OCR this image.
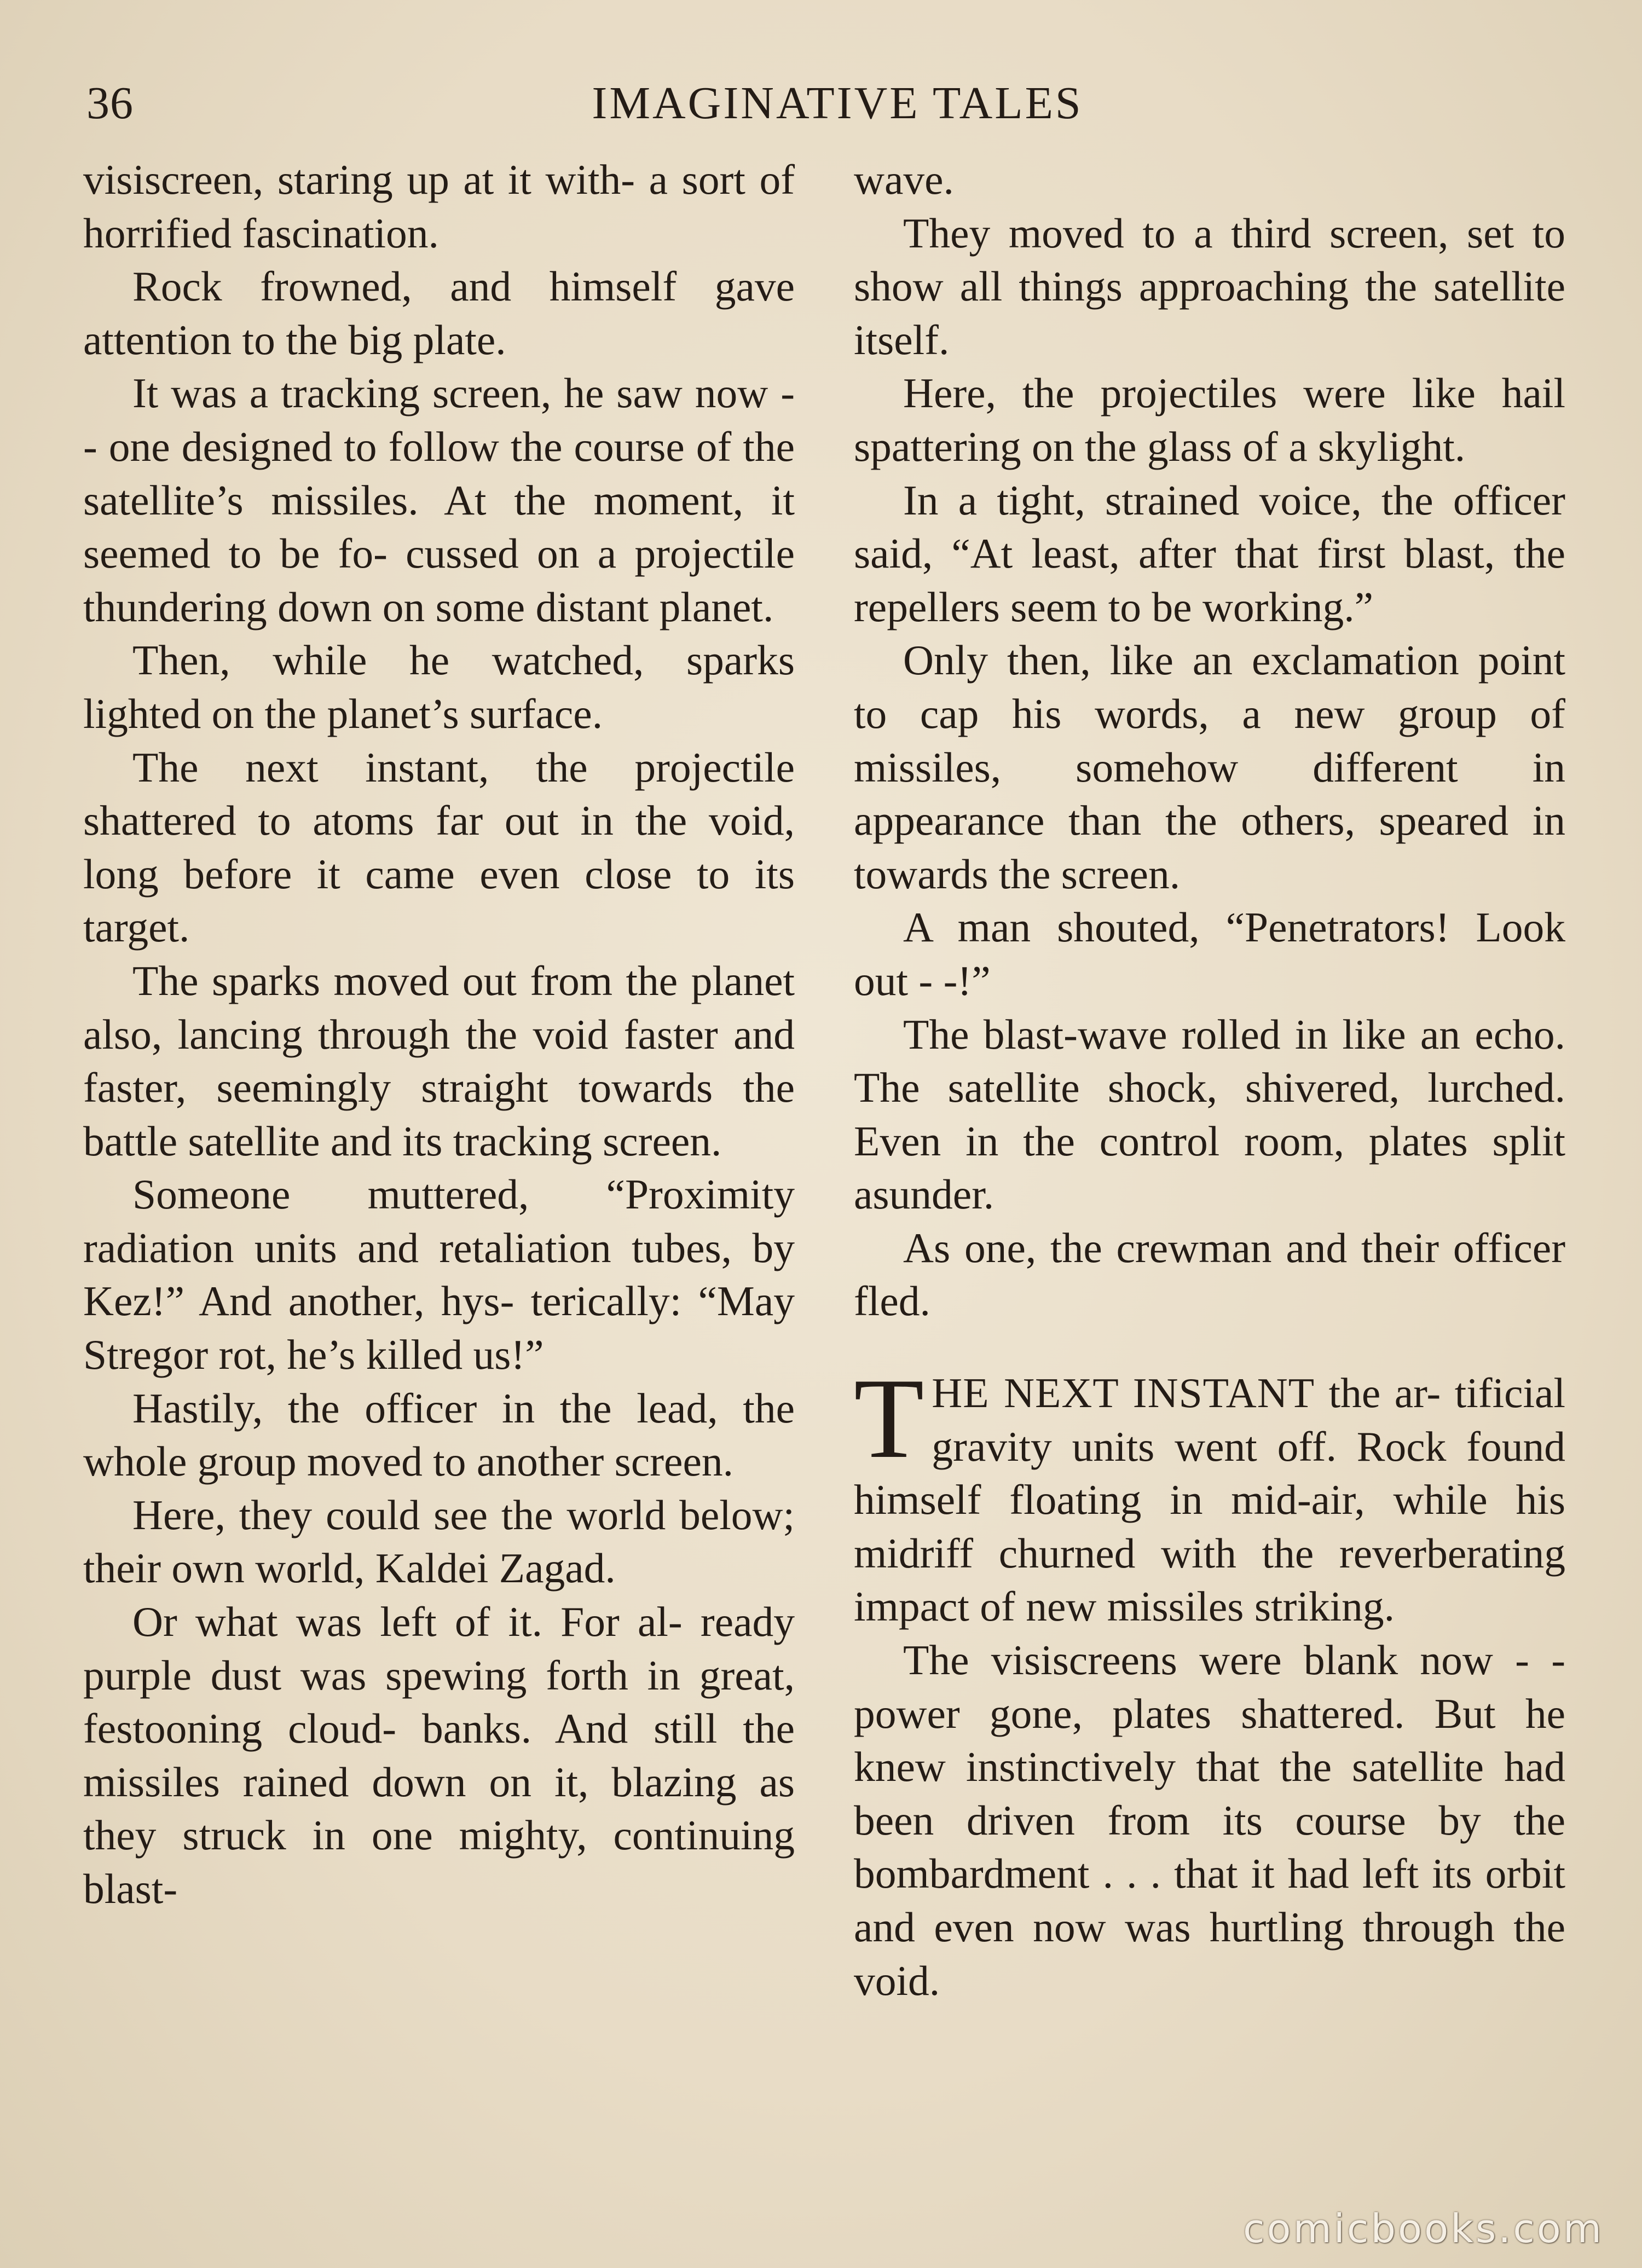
36	IMAGINATIVE TALES

visiscreen, staring up at it with- a sort of horrified fascination.

Rock frowned, and himself gave attention to the big plate.

It was a tracking screen, he saw now - - one designed to follow the course of the satellite’s missiles. At the moment, it seemed to be fo- cussed on a projectile thundering down on some distant planet.

Then, while he watched, sparks lighted on the planet’s surface.

The next instant, the projectile shattered to atoms far out in the void, long before it came even close to its target.

The sparks moved out from the planet also, lancing through the void faster and faster, seemingly straight towards the battle satellite and its tracking screen.

Someone muttered, “Proximity radiation units and retaliation tubes, by Kez!” And another, hys- terically: “May Stregor rot, he’s killed us!”

Hastily, the officer in the lead, the whole group moved to another screen.

Here, they could see the world below; their own world, Kaldei Zagad.

Or what was left of it. For al- ready purple dust was spewing forth in great, festooning cloud- banks. And still the missiles rained down on it, blazing as they struck in one mighty, continuing blast-

wave.

They moved to a third screen, set to show all things approaching the satellite itself.

Here, the projectiles were like hail spattering on the glass of a skylight.

In a tight, strained voice, the officer said, “At least, after that first blast, the repellers seem to be working.”

Only then, like an exclamation point to cap his words, a new group of missiles, somehow different in appearance than the others, speared in towards the screen.

A man shouted, “Penetrators! Look out - -!”

The blast-wave rolled in like an echo. The satellite shock, shivered, lurched. Even in the control room, plates split asunder.

As one, the crewman and their officer fled.

THE NEXT INSTANT the ar- tificial gravity units went off. Rock found himself floating in mid-air, while his midriff churned with the reverberating impact of new missiles striking.

The visiscreens were blank now - - power gone, plates shattered. But he knew instinctively that the satellite had been driven from its course by the bombardment . . . that it had left its orbit and even now was hurtling through the void.

comicbooks.com
